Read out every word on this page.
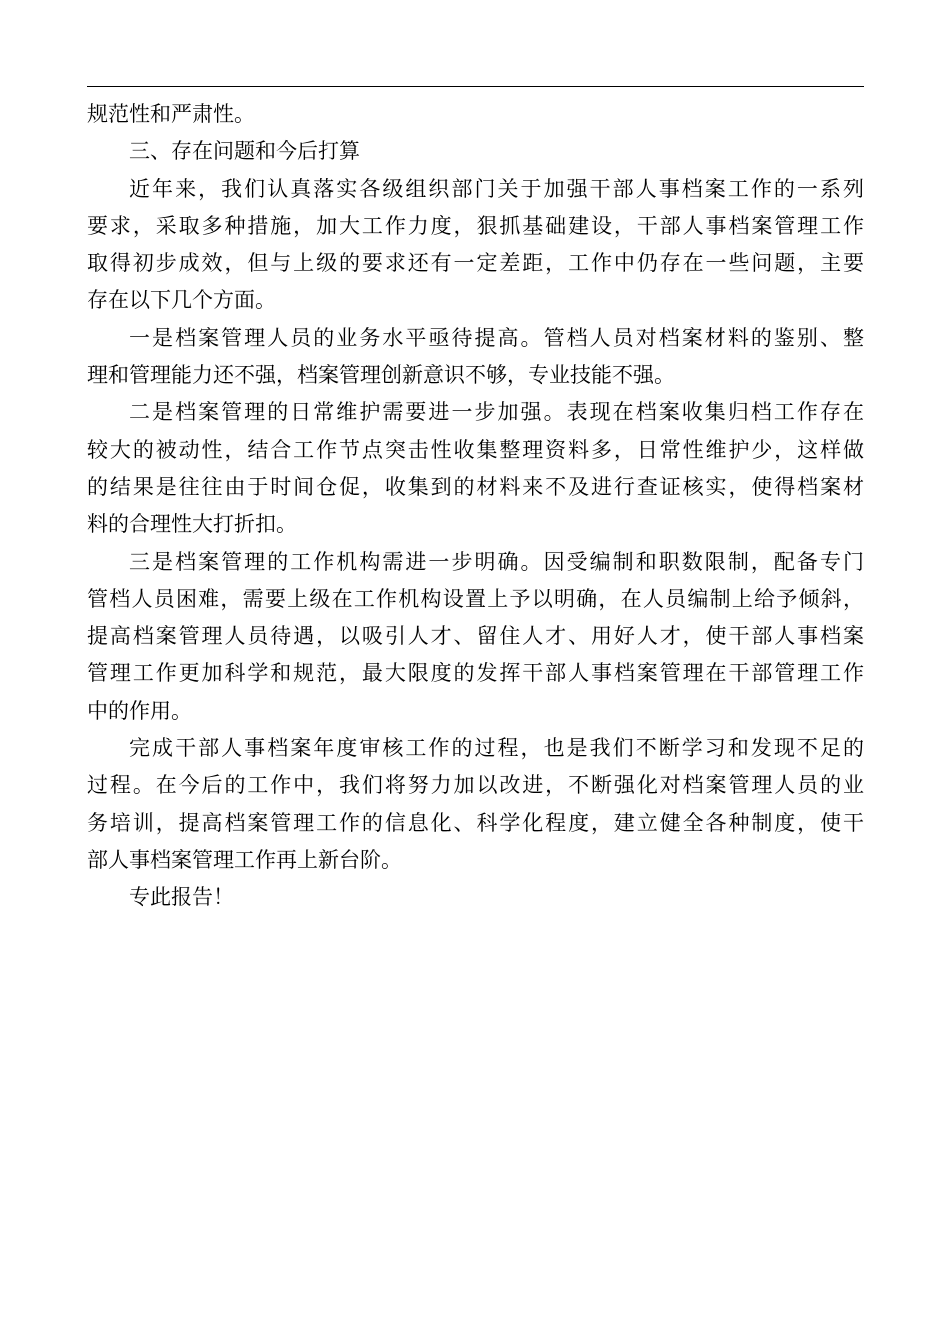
规范性和严肃性。
三、存在问题和今后打算
近年来，我们认真落实各级组织部门关于加强干部人事档案工作的一系列
要求，采取多种措施，加大工作力度，狠抓基础建设，干部人事档案管理工作
取得初步成效，但与上级的要求还有一定差距，工作中仍存在一些问题，主要
存在以下几个方面。
一是档案管理人员的业务水平亟待提高。管档人员对档案材料的鉴别、整
理和管理能力还不强，档案管理创新意识不够，专业技能不强。
二是档案管理的日常维护需要进一步加强。表现在档案收集归档工作存在
较大的被动性，结合工作节点突击性收集整理资料多，日常性维护少，这样做
的结果是往往由于时间仓促，收集到的材料来不及进行查证核实，使得档案材
料的合理性大打折扣。
三是档案管理的工作机构需进一步明确。因受编制和职数限制，配备专门
管档人员困难，需要上级在工作机构设置上予以明确，在人员编制上给予倾斜，
提高档案管理人员待遇，以吸引人才、留住人才、用好人才，使干部人事档案
管理工作更加科学和规范，最大限度的发挥干部人事档案管理在干部管理工作
中的作用。
完成干部人事档案年度审核工作的过程，也是我们不断学习和发现不足的
过程。在今后的工作中，我们将努力加以改进，不断强化对档案管理人员的业
务培训，提高档案管理工作的信息化、科学化程度，建立健全各种制度，使干
部人事档案管理工作再上新台阶。
专此报告！
